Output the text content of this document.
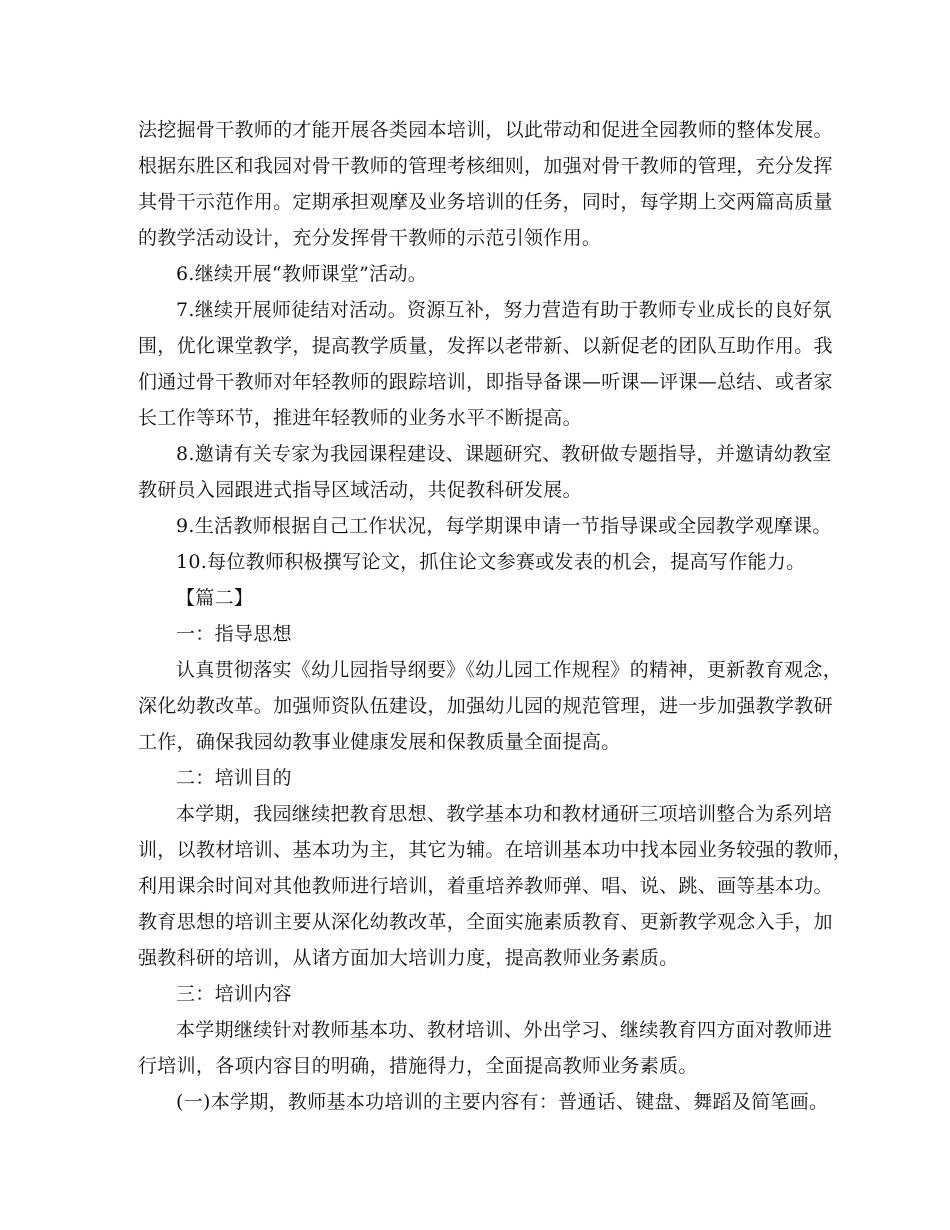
法挖掘骨干教师的才能开展各类园本培训，以此带动和促进全园教师的整体发展。
根据东胜区和我园对骨干教师的管理考核细则，加强对骨干教师的管理，充分发挥
其骨干示范作用。定期承担观摩及业务培训的任务，同时，每学期上交两篇高质量
的教学活动设计，充分发挥骨干教师的示范引领作用。
6.继续开展“教师课堂”活动。
7.继续开展师徒结对活动。资源互补，努力营造有助于教师专业成长的良好氛
围，优化课堂教学，提高教学质量，发挥以老带新、以新促老的团队互助作用。我
们通过骨干教师对年轻教师的跟踪培训，即指导备课—听课—评课—总结、或者家
长工作等环节，推进年轻教师的业务水平不断提高。
8.邀请有关专家为我园课程建设、课题研究、教研做专题指导，并邀请幼教室
教研员入园跟进式指导区域活动，共促教科研发展。
9.生活教师根据自己工作状况，每学期课申请一节指导课或全园教学观摩课。
10.每位教师积极撰写论文，抓住论文参赛或发表的机会，提高写作能力。
【篇二】
一：指导思想
认真贯彻落实《幼儿园指导纲要》《幼儿园工作规程》的精神，更新教育观念，
深化幼教改革。加强师资队伍建设，加强幼儿园的规范管理，进一步加强教学教研
工作，确保我园幼教事业健康发展和保教质量全面提高。
二：培训目的
本学期，我园继续把教育思想、教学基本功和教材通研三项培训整合为系列培
训，以教材培训、基本功为主，其它为辅。在培训基本功中找本园业务较强的教师，
利用课余时间对其他教师进行培训，着重培养教师弹、唱、说、跳、画等基本功。
教育思想的培训主要从深化幼教改革，全面实施素质教育、更新教学观念入手，加
强教科研的培训，从诸方面加大培训力度，提高教师业务素质。
三：培训内容
本学期继续针对教师基本功、教材培训、外出学习、继续教育四方面对教师进
行培训，各项内容目的明确，措施得力，全面提高教师业务素质。
(一)本学期，教师基本功培训的主要内容有：普通话、键盘、舞蹈及简笔画。
